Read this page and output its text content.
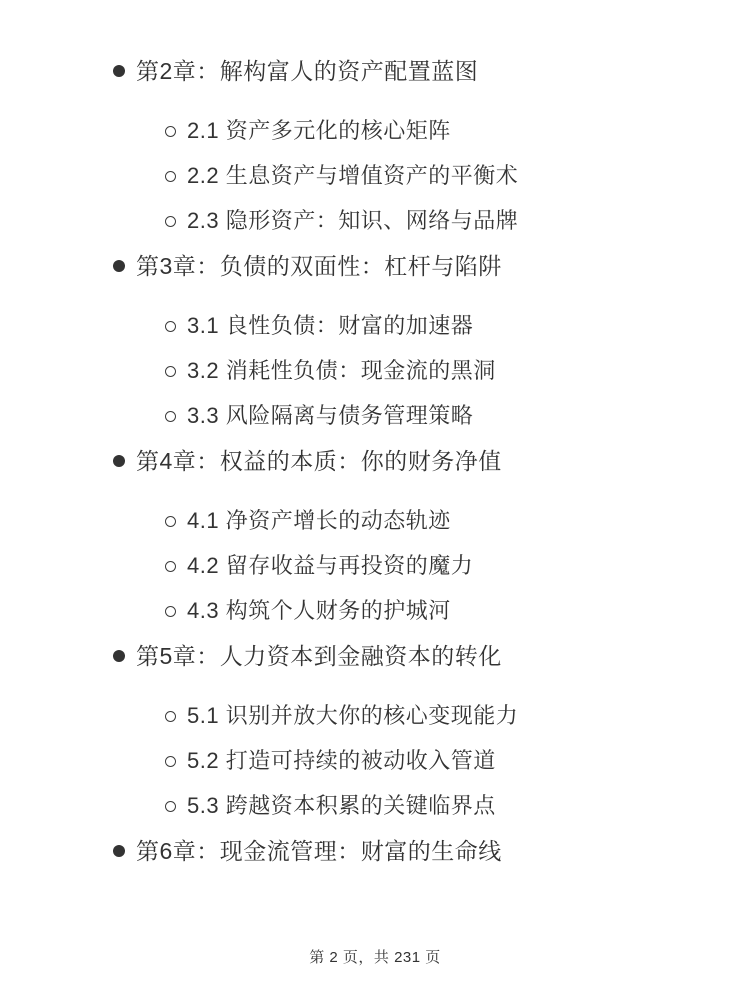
第2章：解构富人的资产配置蓝图
2.1 资产多元化的核心矩阵
2.2 生息资产与增值资产的平衡术
2.3 隐形资产：知识、网络与品牌
第3章：负债的双面性：杠杆与陷阱
3.1 良性负债：财富的加速器
3.2 消耗性负债：现金流的黑洞
3.3 风险隔离与债务管理策略
第4章：权益的本质：你的财务净值
4.1 净资产增长的动态轨迹
4.2 留存收益与再投资的魔力
4.3 构筑个人财务的护城河
第5章：人力资本到金融资本的转化
5.1 识别并放大你的核心变现能力
5.2 打造可持续的被动收入管道
5.3 跨越资本积累的关键临界点
第6章：现金流管理：财富的生命线
第 2 页，共 231 页
